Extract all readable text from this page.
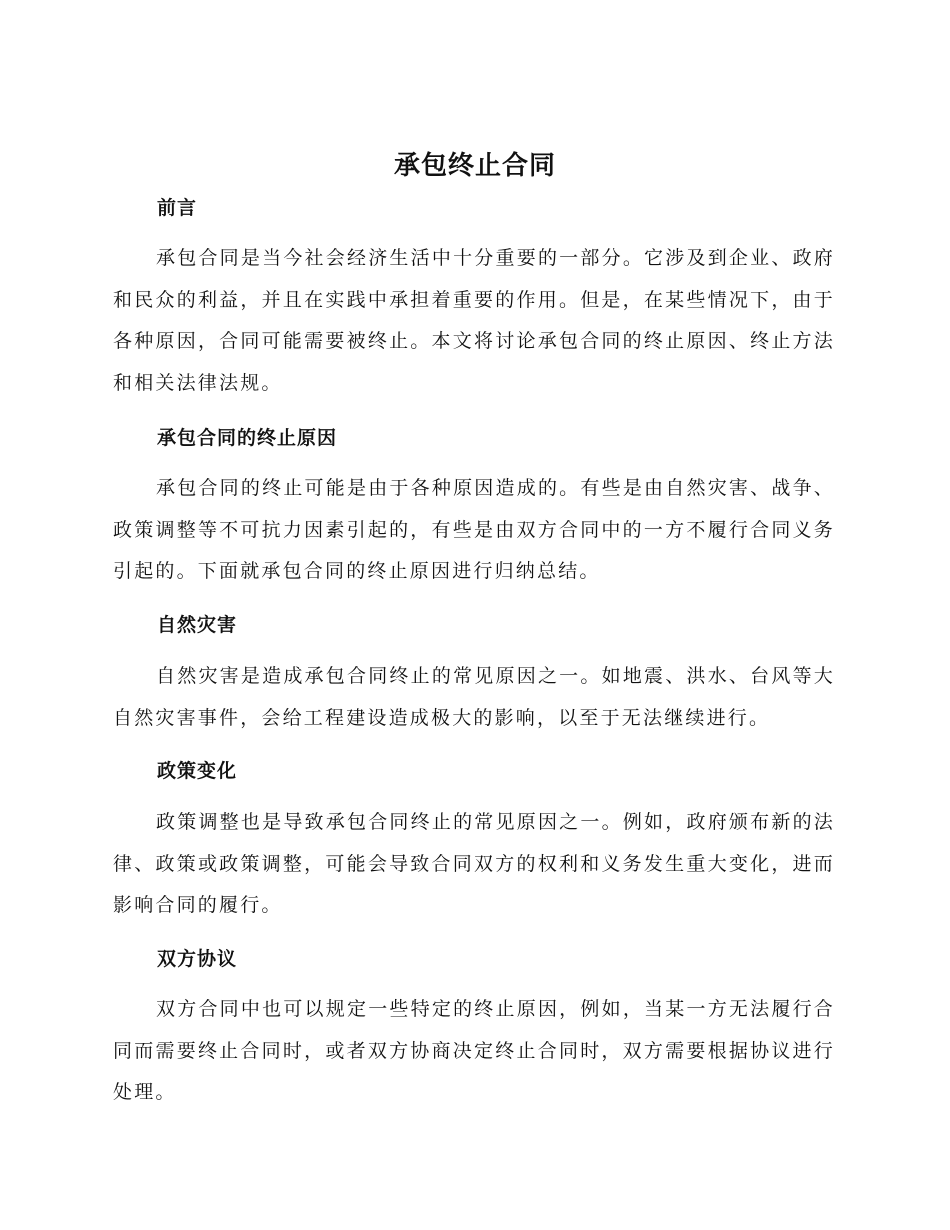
承包终止合同
前言

承包合同是当今社会经济生活中十分重要的一部分。它涉及到企业、政府和民众的利益，并且在实践中承担着重要的作用。但是，在某些情况下，由于各种原因，合同可能需要被终止。本文将讨论承包合同的终止原因、终止方法和相关法律法规。

承包合同的终止原因

承包合同的终止可能是由于各种原因造成的。有些是由自然灾害、战争、政策调整等不可抗力因素引起的，有些是由双方合同中的一方不履行合同义务引起的。下面就承包合同的终止原因进行归纳总结。

自然灾害

自然灾害是造成承包合同终止的常见原因之一。如地震、洪水、台风等大自然灾害事件，会给工程建设造成极大的影响，以至于无法继续进行。

政策变化

政策调整也是导致承包合同终止的常见原因之一。例如，政府颁布新的法律、政策或政策调整，可能会导致合同双方的权利和义务发生重大变化，进而影响合同的履行。

双方协议

双方合同中也可以规定一些特定的终止原因，例如，当某一方无法履行合同而需要终止合同时，或者双方协商决定终止合同时，双方需要根据协议进行处理。
